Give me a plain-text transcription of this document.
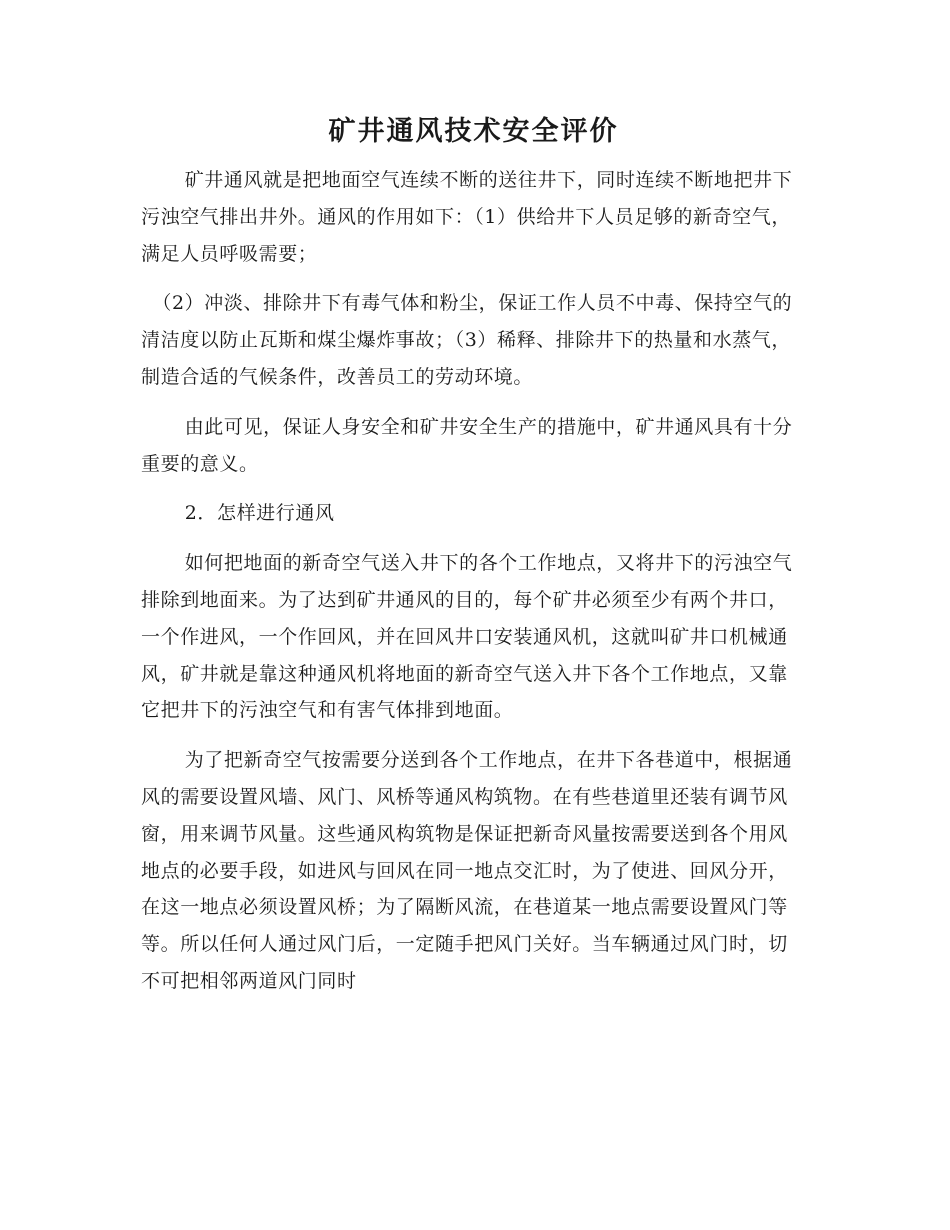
矿井通风技术安全评价

矿井通风就是把地面空气连续不断的送往井下，同时连续不断地把井下污浊空气排出井外。通风的作用如下：（1）供给井下人员足够的新奇空气，满足人员呼吸需要；

（2）冲淡、排除井下有毒气体和粉尘，保证工作人员不中毒、保持空气的清洁度以防止瓦斯和煤尘爆炸事故；（3）稀释、排除井下的热量和水蒸气，制造合适的气候条件，改善员工的劳动环境。

由此可见，保证人身安全和矿井安全生产的措施中，矿井通风具有十分重要的意义。

2．怎样进行通风

如何把地面的新奇空气送入井下的各个工作地点，又将井下的污浊空气排除到地面来。为了达到矿井通风的目的，每个矿井必须至少有两个井口，一个作进风，一个作回风，并在回风井口安装通风机，这就叫矿井口机械通风，矿井就是靠这种通风机将地面的新奇空气送入井下各个工作地点，又靠它把井下的污浊空气和有害气体排到地面。

为了把新奇空气按需要分送到各个工作地点，在井下各巷道中，根据通风的需要设置风墙、风门、风桥等通风构筑物。在有些巷道里还装有调节风窗，用来调节风量。这些通风构筑物是保证把新奇风量按需要送到各个用风地点的必要手段，如进风与回风在同一地点交汇时，为了使进、回风分开，在这一地点必须设置风桥；为了隔断风流，在巷道某一地点需要设置风门等等。所以任何人通过风门后，一定随手把风门关好。当车辆通过风门时，切不可把相邻两道风门同时
